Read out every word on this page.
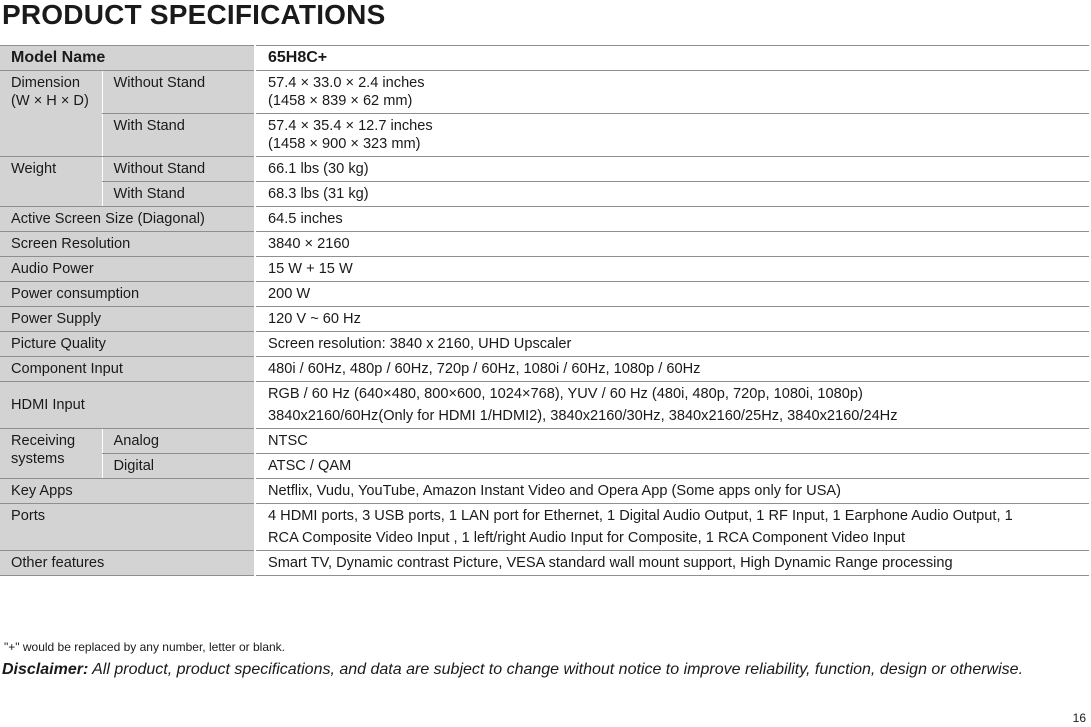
PRODUCT SPECIFICATIONS
Model Name		65H8C+
Dimension (W × H × D)	Without Stand	57.4 × 33.0 × 2.4 inches
(1458 × 839 × 62 mm)

	With Stand	57.4 × 35.4 × 12.7 inches
(1458 × 900 × 323 mm)

Weight	Without Stand	66.1 lbs (30 kg)
	With Stand	68.3 lbs (31 kg)
Active Screen Size (Diagonal)		64.5 inches
Screen Resolution		3840 × 2160
Audio Power		15 W + 15 W
Power consumption		200 W
Power Supply		120 V ~ 60 Hz
Picture Quality		Screen resolution: 3840 x 2160, UHD Upscaler
Component Input		480i / 60Hz, 480p / 60Hz, 720p / 60Hz, 1080i / 60Hz, 1080p / 60Hz
HDMI Input		RGB / 60 Hz (640×480, 800×600, 1024×768), YUV / 60 Hz (480i, 480p, 720p, 1080i, 1080p)
3840x2160/60Hz(Only for HDMI 1/HDMI2), 3840x2160/30Hz, 3840x2160/25Hz, 3840x2160/24Hz

Receiving systems	Analog	NTSC
	Digital	ATSC / QAM
Key Apps		Netflix, Vudu, YouTube, Amazon Instant Video and Opera App (Some apps only for USA)
Ports		4 HDMI ports, 3 USB ports, 1 LAN port for Ethernet, 1 Digital Audio Output, 1 RF Input, 1 Earphone Audio Output, 1
RCA Composite Video Input , 1 left/right Audio Input for Composite, 1 RCA Component Video Input

Other features		Smart TV, Dynamic contrast Picture, VESA standard wall mount support, High Dynamic Range processing
"+" would be replaced by any number, letter or blank.

Disclaimer: All product, product specifications, and data are subject to change without notice to improve reliability, function, design or otherwise.

16
